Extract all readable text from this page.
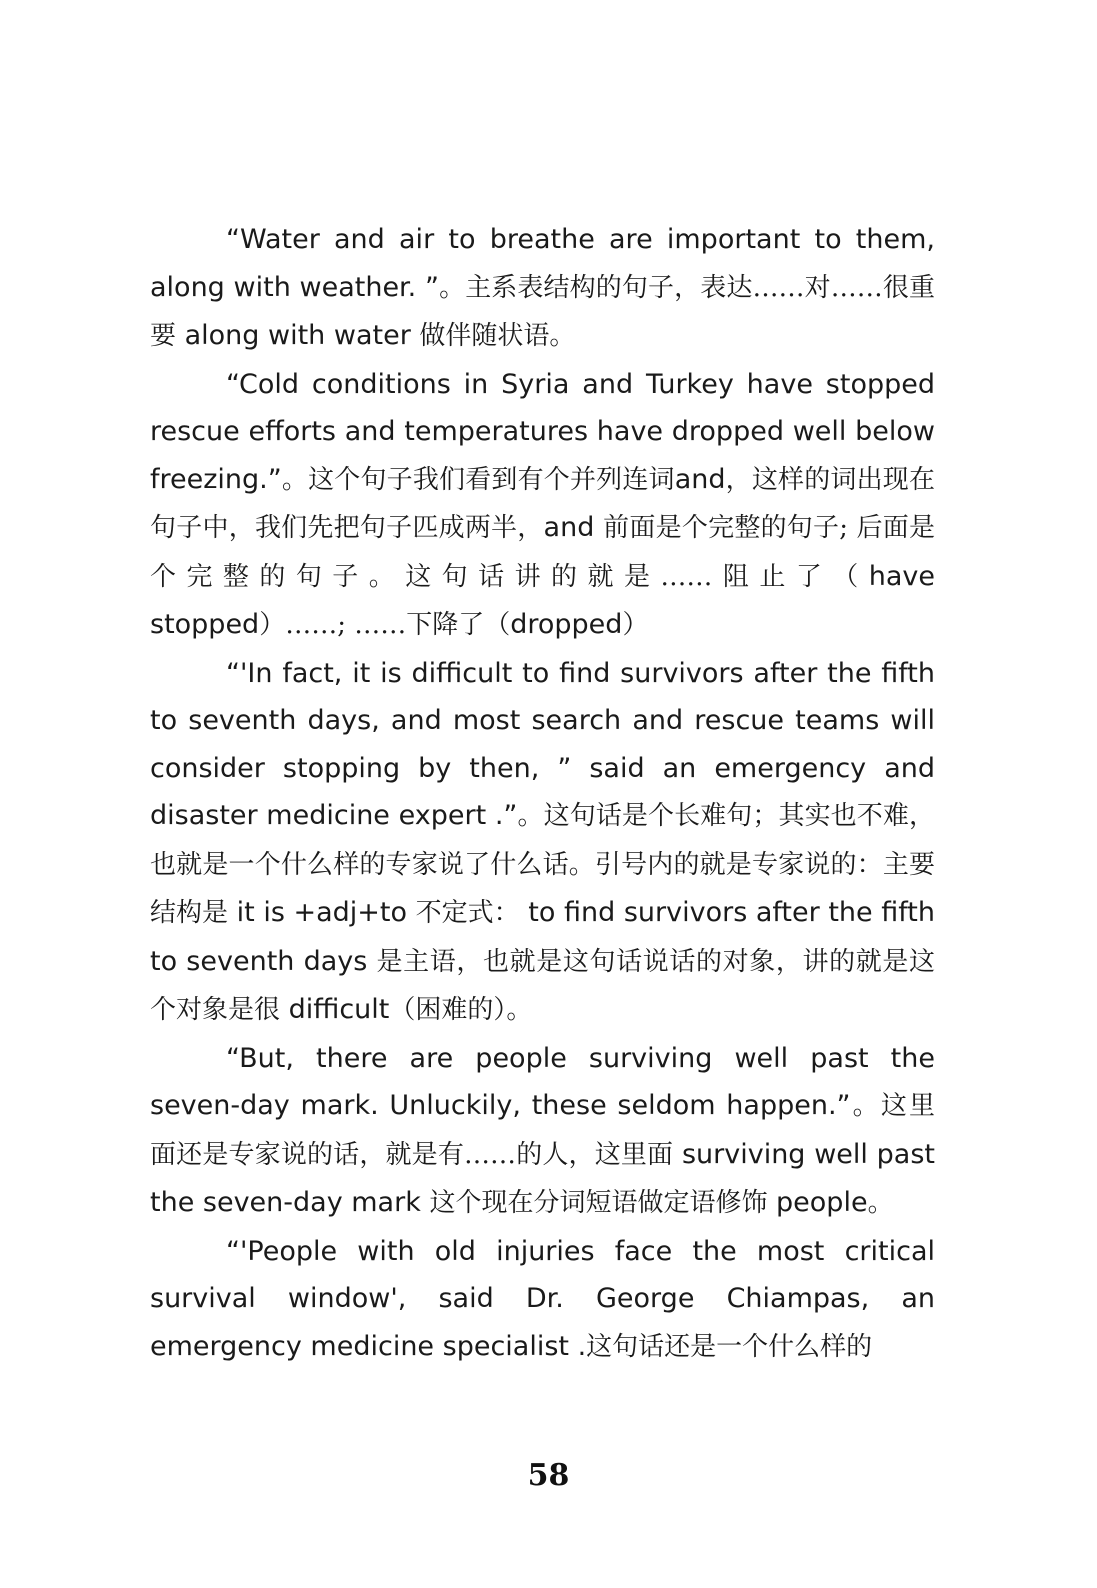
“Water and air to breathe are important to them, along with weather. ”。主系表结构的句子，表达……对……很重要 along with water 做伴随状语。

“Cold conditions in Syria and Turkey have stopped rescue efforts and temperatures have dropped well below freezing.”。这个句子我们看到有个并列连词and，这样的词出现在句子中，我们先把句子匹成两半，and 前面是个完整的句子; 后面是个完整的句子。这句话讲的就是……阻止了（have stopped）……; ……下降了（dropped）

“'In fact, it is difficult to find survivors after the fifth to seventh days, and most search and rescue teams will consider stopping by then, ” said an emergency and disaster medicine expert .”。这句话是个长难句；其实也不难，也就是一个什么样的专家说了什么话。引号内的就是专家说的：主要结构是 it is +adj+to 不定式： to find survivors after the fifth to seventh days 是主语，也就是这句话说话的对象，讲的就是这个对象是很 difficult（困难的）。

“But, there are people surviving well past the seven-day mark. Unluckily, these seldom happen.”。这里面还是专家说的话，就是有……的人，这里面 surviving well past the seven-day mark 这个现在分词短语做定语修饰 people。

“'People with old injuries face the most critical survival window', said Dr. George Chiampas, an emergency medicine specialist .这句话还是一个什么样的

58
